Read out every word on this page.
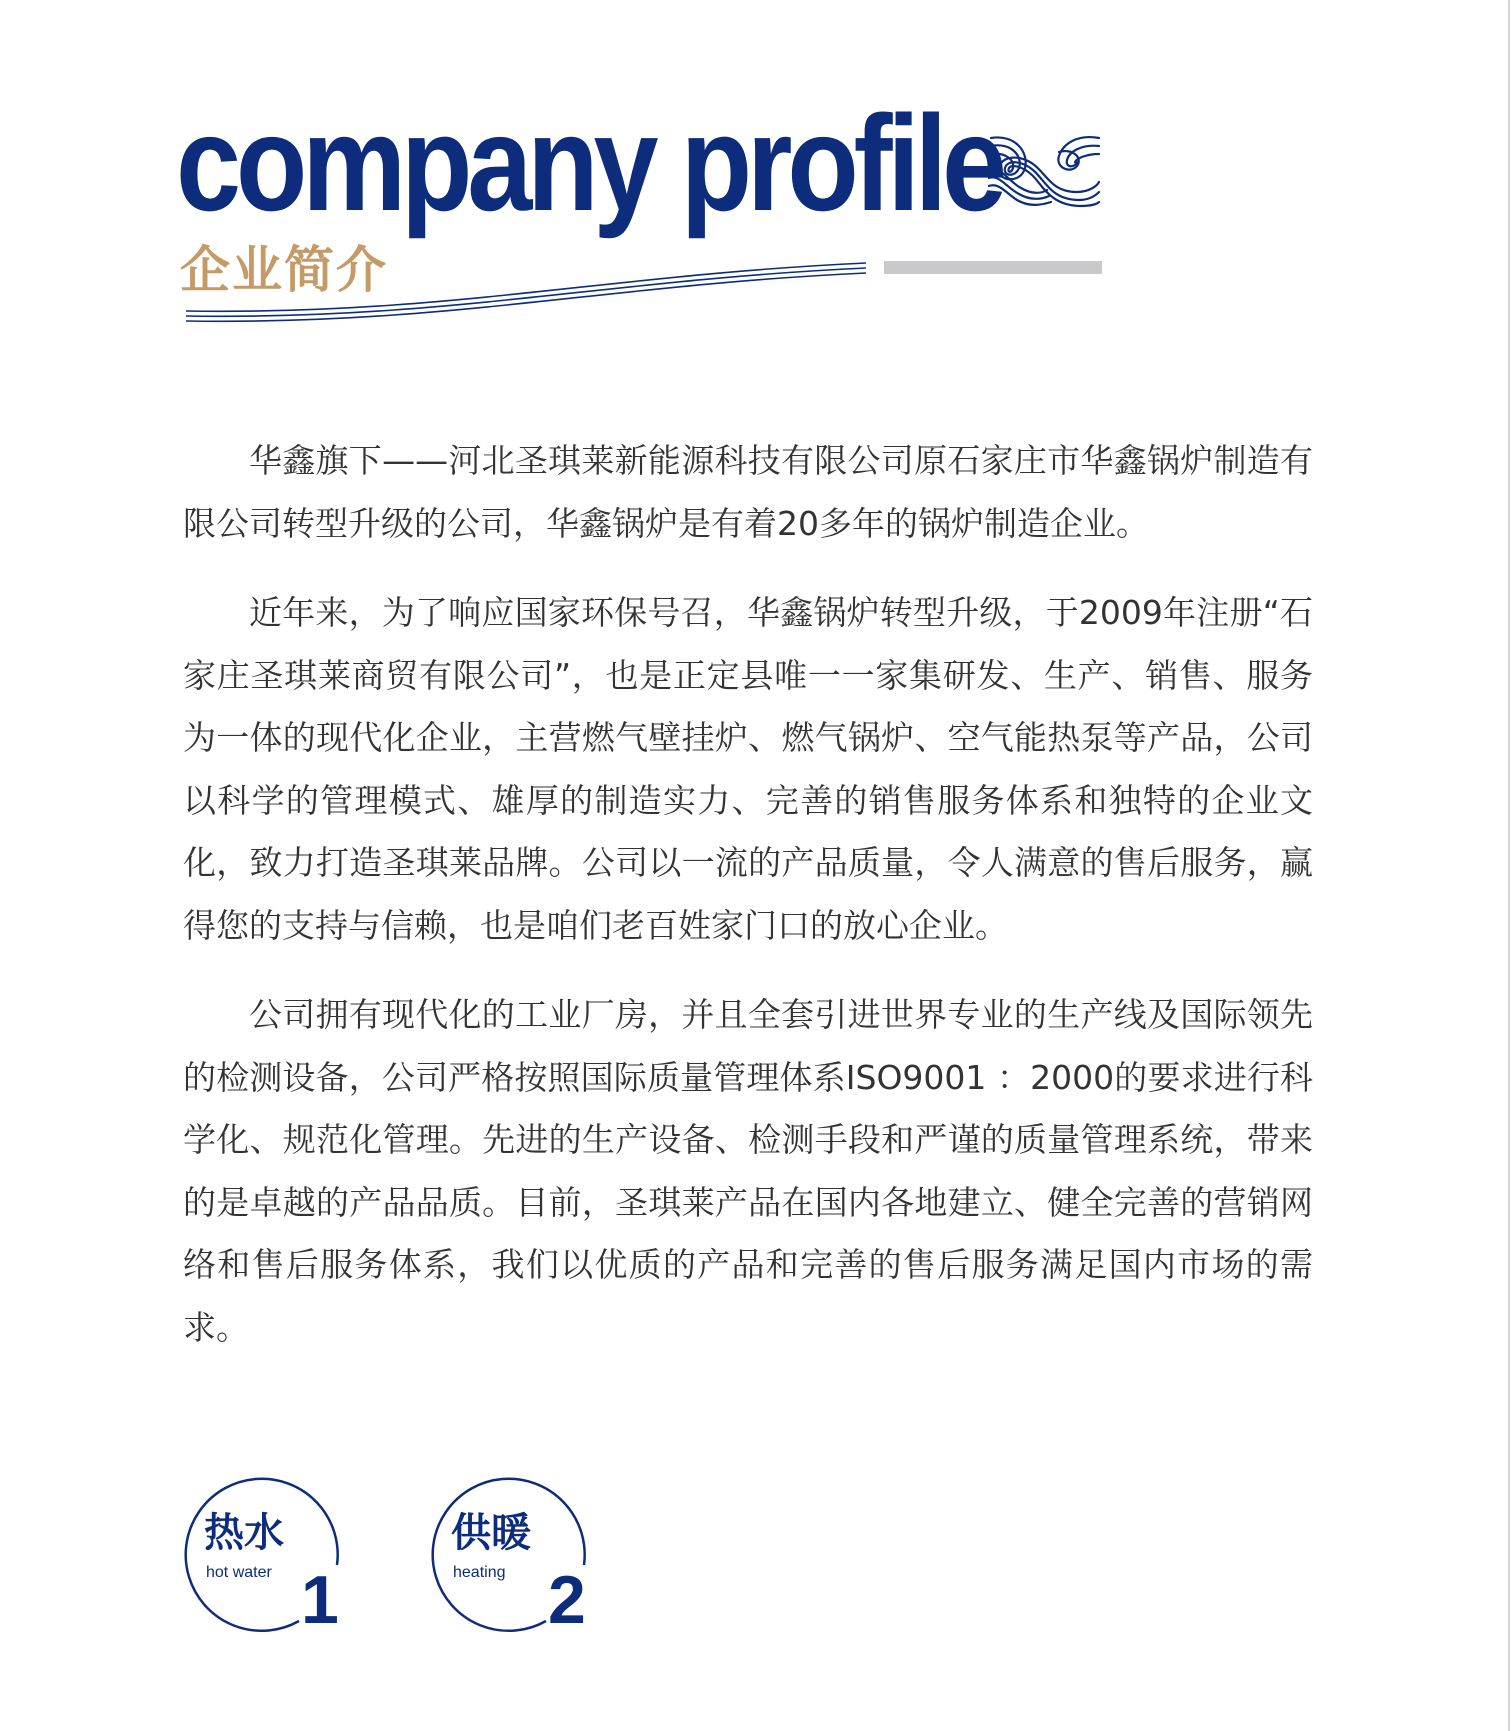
company profile
企业简介

华鑫旗下——河北圣琪莱新能源科技有限公司原石家庄市华鑫锅炉制造有限公司转型升级的公司，华鑫锅炉是有着20多年的锅炉制造企业。

近年来，为了响应国家环保号召，华鑫锅炉转型升级，于2009年注册“石家庄圣琪莱商贸有限公司”，也是正定县唯一一家集研发、生产、销售、服务为一体的现代化企业，主营燃气壁挂炉、燃气锅炉、空气能热泵等产品，公司以科学的管理模式、雄厚的制造实力、完善的销售服务体系和独特的企业文化，致力打造圣琪莱品牌。公司以一流的产品质量，令人满意的售后服务，赢得您的支持与信赖，也是咱们老百姓家门口的放心企业。

公司拥有现代化的工业厂房，并且全套引进世界专业的生产线及国际领先的检测设备，公司严格按照国际质量管理体系ISO9001 ：2000的要求进行科学化、规范化管理。先进的生产设备、检测手段和严谨的质量管理系统，带来的是卓越的产品品质。目前，圣琪莱产品在国内各地建立、健全完善的营销网络和售后服务体系，我们以优质的产品和完善的售后服务满足国内市场的需求。

热水
hot water 1
供暖
heating 2
